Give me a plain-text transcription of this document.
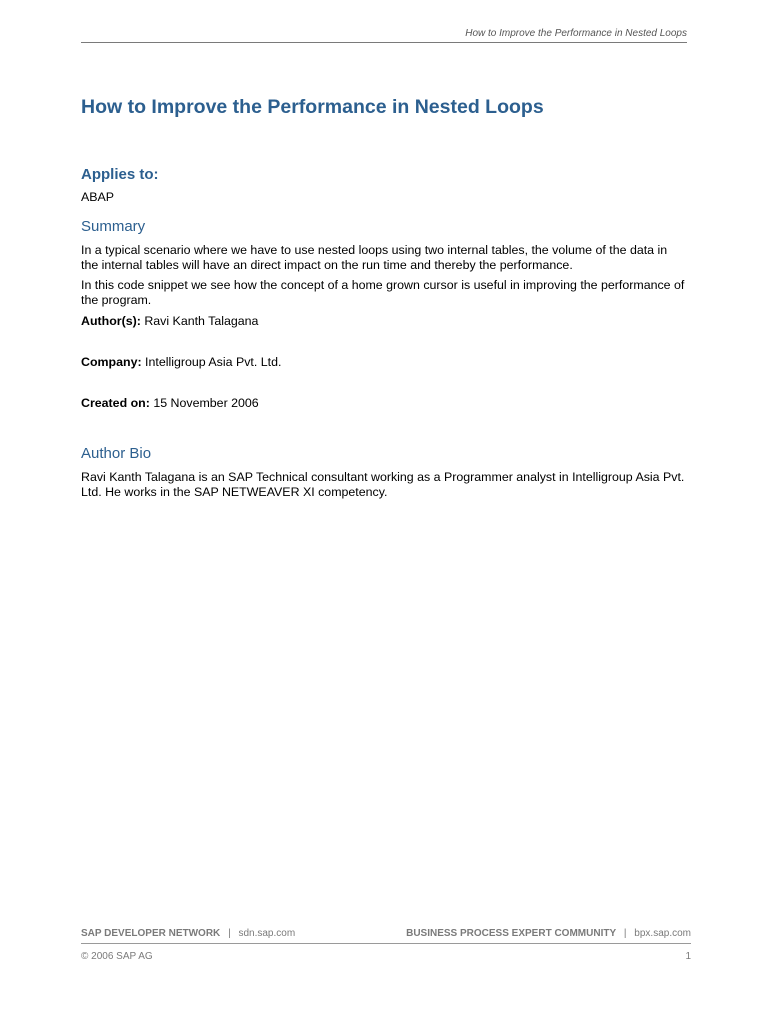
How to Improve the Performance in Nested Loops
How to Improve the Performance in Nested Loops
Applies to:

ABAP

Summary

In a typical scenario where we have to use nested loops using two internal tables, the volume of the data in the internal tables will have an direct impact on the run time and thereby the performance.

In this code snippet we see how the concept of a home grown cursor is useful in improving the performance of the program.

Author(s): Ravi Kanth Talagana

Company: Intelligroup Asia Pvt. Ltd.

Created on: 15 November 2006

Author Bio

Ravi Kanth Talagana is an SAP Technical consultant working as a Programmer analyst in Intelligroup Asia Pvt. Ltd. He works in the SAP NETWEAVER XI competency.

SAP DEVELOPER NETWORK | sdn.sap.com	BUSINESS PROCESS EXPERT COMMUNITY | bpx.sap.com
© 2006 SAP AG	1
